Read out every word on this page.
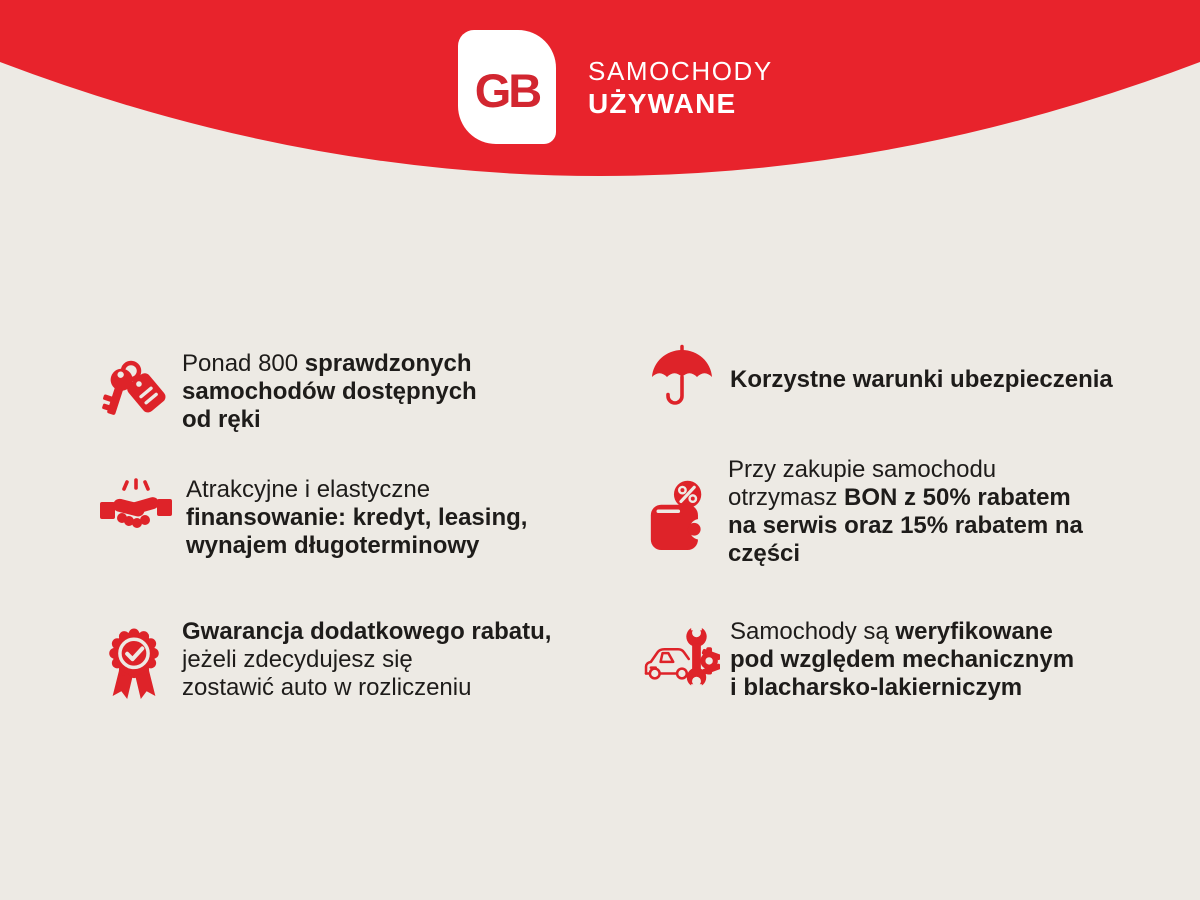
GB SAMOCHODY
UŻYWANE
Ponad 800 sprawdzonych
samochodów dostępnych
od ręki
Atrakcyjne i elastyczne
finansowanie: kredyt, leasing,
wynajem długoterminowy
Gwarancja dodatkowego rabatu,
jeżeli zdecydujesz się
zostawić auto w rozliczeniu
Korzystne warunki ubezpieczenia
Przy zakupie samochodu
otrzymasz BON z 50% rabatem
na serwis oraz 15% rabatem na
części
Samochody są weryfikowane
pod względem mechanicznym
i blacharsko-lakierniczym
